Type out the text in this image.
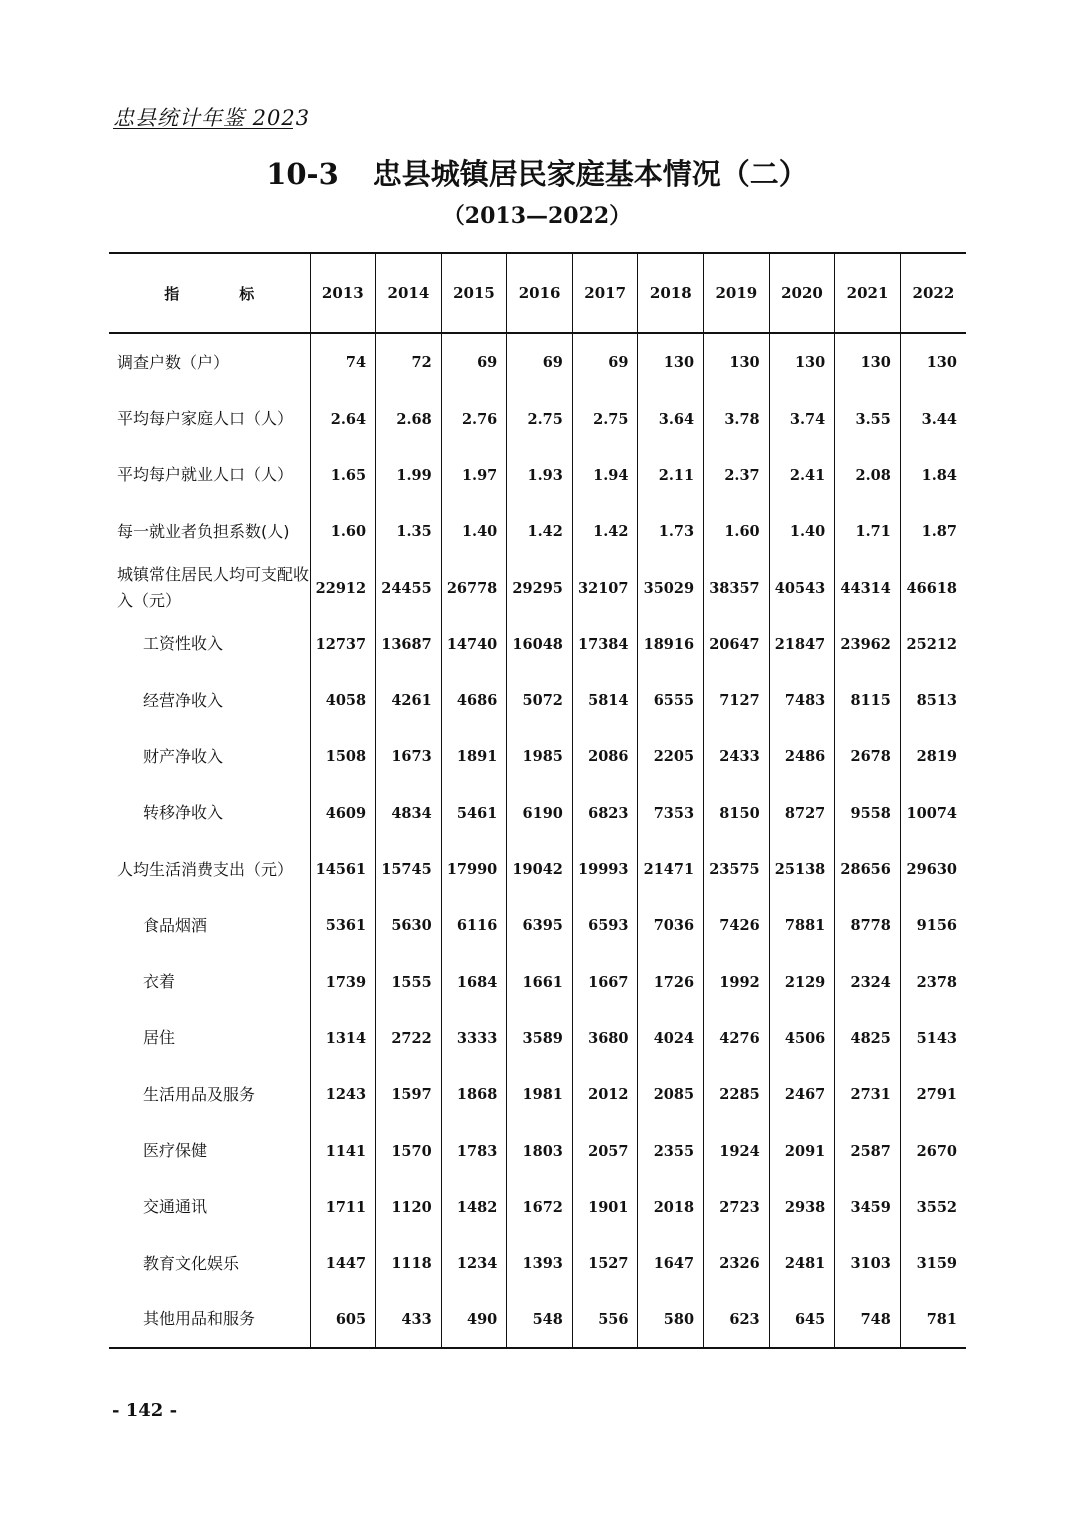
忠县统计年鉴 2023
10-3 忠县城镇居民家庭基本情况（二）
（2013—2022）
指 标	2013	2014	2015	2016	2017	2018	2019	2020	2021	2022
调查户数（户）	74	72	69	69	69	130	130	130	130	130
平均每户家庭人口（人）	2.64	2.68	2.76	2.75	2.75	3.64	3.78	3.74	3.55	3.44
平均每户就业人口（人）	1.65	1.99	1.97	1.93	1.94	2.11	2.37	2.41	2.08	1.84
每一就业者负担系数(人)	1.60	1.35	1.40	1.42	1.42	1.73	1.60	1.40	1.71	1.87
城镇常住居民人均可支配收入（元）	22912	24455	26778	29295	32107	35029	38357	40543	44314	46618
工资性收入	12737	13687	14740	16048	17384	18916	20647	21847	23962	25212
经营净收入	4058	4261	4686	5072	5814	6555	7127	7483	8115	8513
财产净收入	1508	1673	1891	1985	2086	2205	2433	2486	2678	2819
转移净收入	4609	4834	5461	6190	6823	7353	8150	8727	9558	10074
人均生活消费支出（元）	14561	15745	17990	19042	19993	21471	23575	25138	28656	29630
食品烟酒	5361	5630	6116	6395	6593	7036	7426	7881	8778	9156
衣着	1739	1555	1684	1661	1667	1726	1992	2129	2324	2378
居住	1314	2722	3333	3589	3680	4024	4276	4506	4825	5143
生活用品及服务	1243	1597	1868	1981	2012	2085	2285	2467	2731	2791
医疗保健	1141	1570	1783	1803	2057	2355	1924	2091	2587	2670
交通通讯	1711	1120	1482	1672	1901	2018	2723	2938	3459	3552
教育文化娱乐	1447	1118	1234	1393	1527	1647	2326	2481	3103	3159
其他用品和服务	605	433	490	548	556	580	623	645	748	781
- 142 -
